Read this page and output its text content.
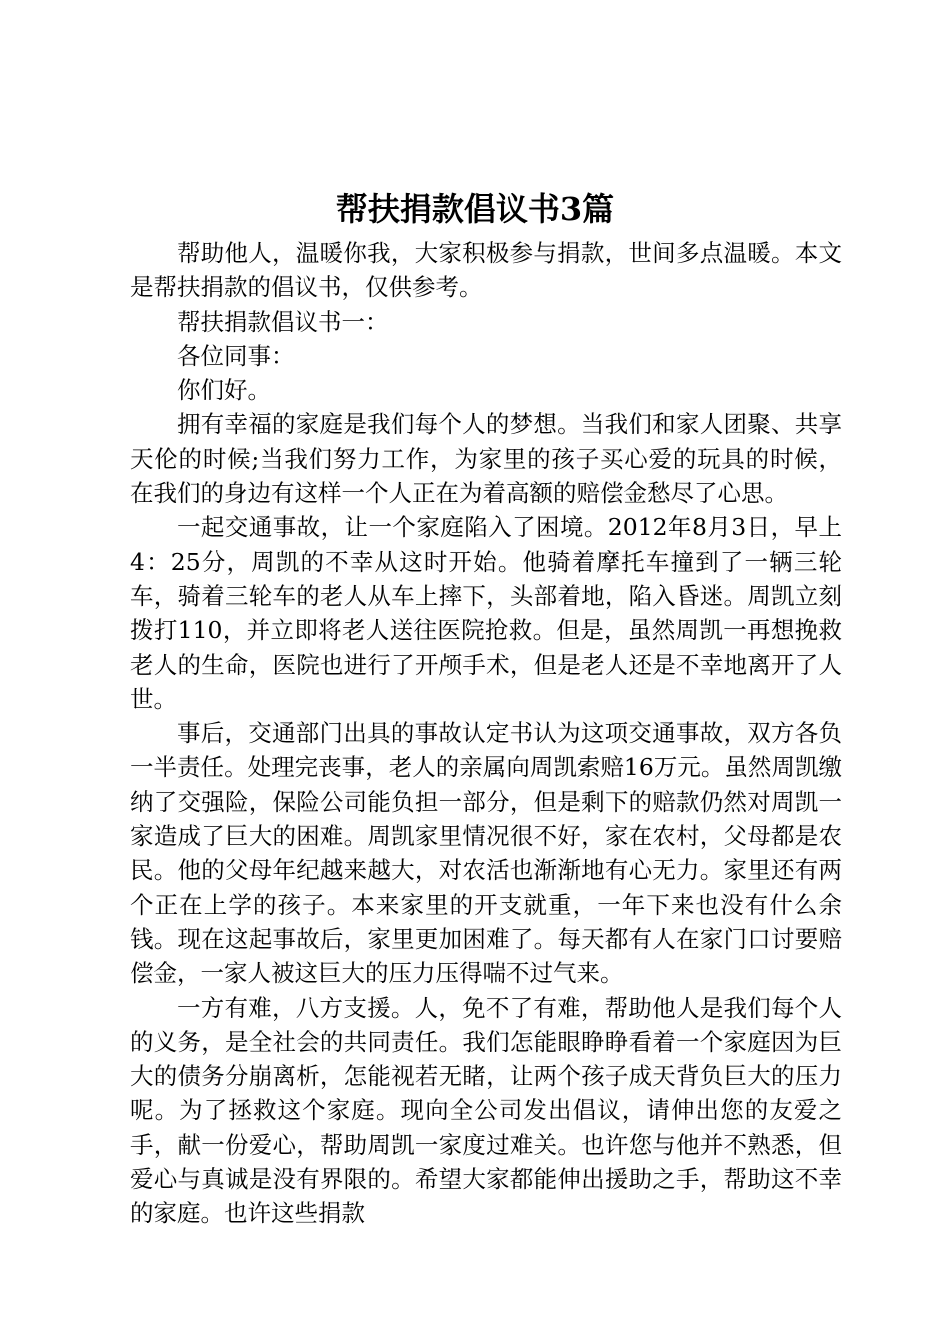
帮扶捐款倡议书3篇

帮助他人，温暖你我，大家积极参与捐款，世间多点温暖。本文是帮扶捐款的倡议书，仅供参考。

帮扶捐款倡议书一：

各位同事：

你们好。

拥有幸福的家庭是我们每个人的梦想。当我们和家人团聚、共享天伦的时候;当我们努力工作，为家里的孩子买心爱的玩具的时候，在我们的身边有这样一个人正在为着高额的赔偿金愁尽了心思。

一起交通事故，让一个家庭陷入了困境。2012年8月3日，早上4：25分，周凯的不幸从这时开始。他骑着摩托车撞到了一辆三轮车，骑着三轮车的老人从车上摔下，头部着地，陷入昏迷。周凯立刻拨打110，并立即将老人送往医院抢救。但是，虽然周凯一再想挽救老人的生命，医院也进行了开颅手术，但是老人还是不幸地离开了人世。

事后，交通部门出具的事故认定书认为这项交通事故，双方各负一半责任。处理完丧事，老人的亲属向周凯索赔16万元。虽然周凯缴纳了交强险，保险公司能负担一部分，但是剩下的赔款仍然对周凯一家造成了巨大的困难。周凯家里情况很不好，家在农村，父母都是农民。他的父母年纪越来越大，对农活也渐渐地有心无力。家里还有两个正在上学的孩子。本来家里的开支就重，一年下来也没有什么余钱。现在这起事故后，家里更加困难了。每天都有人在家门口讨要赔偿金，一家人被这巨大的压力压得喘不过气来。

一方有难，八方支援。人，免不了有难，帮助他人是我们每个人的义务，是全社会的共同责任。我们怎能眼睁睁看着一个家庭因为巨大的债务分崩离析，怎能视若无睹，让两个孩子成天背负巨大的压力呢。为了拯救这个家庭。现向全公司发出倡议，请伸出您的友爱之手，献一份爱心，帮助周凯一家度过难关。也许您与他并不熟悉，但爱心与真诚是没有界限的。希望大家都能伸出援助之手，帮助这不幸的家庭。也许这些捐款
